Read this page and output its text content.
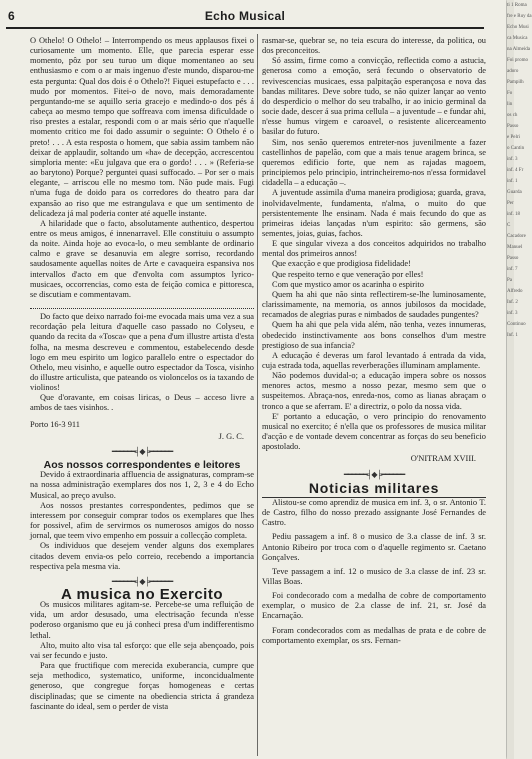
6	Echo Musical

O Othelo! O Othelo! – Interrompendo os meus applausos fixei o curiosamente um momento. Elle, que parecia esperar esse momento, pôz por seu turuo um dique momentaneo ao seu enthusiasmo e com o ar mais ingenuo d'este mundo, disparou-me esta pergunta: Qual dos dois é o Othelo?! Fiquei estupefacto e . . . mudo por momentos. Fitei-o de novo, mais demoradamente perguntando-me se aquillo seria gracejo e medindo-o dos pés á cabeça ao mesmo tempo que soffreava com imensa dificuldade o riso prestes a estalar, respondi com o ar mais sério que n'aquelle momento critico me foi dado assumir o seguinte: O Othelo é o preto! . . . A esta resposta o homem, que sabia assim tambem não deixar de applaudir, soltando um «ha» de decepção, accrescentou simploria mente: «Eu julgava que era o gordo! . . . » (Referia-se ao barytono) Porque? perguntei quasi suffocado. – Por ser o mais elegante, – arriscou elle no mesmo tom. Não pude mais. Fugi n'uma fuga de doido para os corredores do theatro para dar expansão ao riso que me estrangulava e que um sentimento de delicadeza já mal poderia conter até aquelle instante.

A hilaridade que o facto, absolutamente authentico, despertou entre os meus amigos, é innenarravel. Elle constituiu o assumpto da noite. Ainda hoje ao evoca-lo, o meu semblante de ordinario calmo e grave se desanuvia em alegre sorriso, recordando saudosamente aquellas noites de Arte e cavaqueira espansiva nos intervallos d'acto em que d'envolta com assumptos lyrico-musicaes, occorrencias, como esta de feição comica e pittoresca, se discutiam e commentavam.

Do facto que deixo narrado foi-me evocada mais uma vez a sua recordação pela leitura d'aquelle caso passado no Colyseu, e quando da recita da «Tosca» que a pena d'um illustre artista d'esta folha, na mesma descreveu e commentou, estabelecendo desde logo em meu espirito um logico parallelo entre o espectador do Othelo, meu visinho, e aquelle outro espectador da Tosca, visinho do illustre articulista, que pateando os violoncelos os ia taxando de violinos!

Que d'oravante, em coisas liricas, o Deus – acceso livre a ambos de taes visinhos. .

Porto 16-3 911
J. G. C.
━━━━━━╡◆╞━━━━━━

Aos nossos correspondentes e leitores

Devido á extraordinaria affluencia de assignaturas, compram-se na nossa administração exemplares dos nos 1, 2, 3 e 4 do Echo Musical, ao preço avulso.

Aos nossos prestantes correspondentes, pedimos que se interessem por conseguir comprar todos os exemplares que lhes for possivel, afim de servirmos os numerosos amigos do nosso jornal, que teem vivo empenho em possuir a collecção completa.

Os individuos que desejem vender alguns dos exemplares citados devem envia-os pelo correio, recebendo a importancia respectiva pela mesma via.

━━━━━━╡◆╞━━━━━━

A musica no Exercito

Os musicos militares agitam-se. Percebe-se uma refluição de vida, um ardor desusado, uma electrisação fecunda n'esse poderoso organismo que eu já conheci presa d'um indifferentismo lethal.

Alto, muito alto visa tal esforço: que elle seja abençoado, pois vai ser fecundo e justo.

Para que fructifique com merecida exuberancia, cumpre que seja methodico, systematico, uniforme, inconcidualmente generoso, que congregue forças homogeneas e certas disciplinadas; que se cimente na obediencia stricta á grandeza fascinante do ideal, sem o perder de vista

rasmar-se, quebrar se, no teia escura do interesse, da politica, ou dos preconceitos.

Só assim, firme como a convicção, reflectida como a astucia, generosa como a emoção, será fecundo o observatorio de revivescencias musicaes, essa palpitação esperançosa e nova das bandas militares. Deve sobre tudo, se não quizer lançar ao vento do desperdicio o melhor do seu trabalho, ir ao inicio germinal da socie dade, descer á sua prima cellula – a juventude – e fundar ahi, n'esse humus virgem e caroavel, o resistente alicerceamento basilar do futuro.

Sim, nos senão queremos entreter-nos juvenilmente a fazer castellinhos de papelão, com que a mais tenue aragem brinca, se queremos edificio forte, que nem as rajadas magoem, principiemos pelo principio, intrincheiremo-nos n'essa formidavel cidadella – a educação –.

A juventude assimila d'uma maneira prodigiosa; guarda, grava, inolvidavelmente, fundamenta, n'alma, o muito do que persistentemente lhe ensinam. Nada é mais fecundo do que as primeiras ideias lançadas n'um espirito: são germens, são sementes, joias, guias, fachos.

E que singular viveza a dos conceitos adquiridos no trabalho mental dos primeiros annos!

Que exacção e que prodigiosa fidelidade!

Que respeito terno e que veneração por elles!

Com que mystico amor os acarinha o espirito

Quem ha ahi que não sinta reflectirem-se-lhe luminosamente, clarissimamente, na memoria, os annos jubilosos da mocidade, recamados de alegrias puras e nimbados de saudades pungentes?

Quem ha ahi que pela vida além, não tenha, vezes innumeras, obedecido instinctivamente aos bons conselhos d'um mestre prestigioso de sua infancia?

A educação é deveras um farol levantado á entrada da vida, cuja estrada toda, aquellas reverberações illuminam amplamente.

Não podemos duvidal-o; a educação impera sobre os nossos menores actos, mesmo a nosso pezar, mesmo sem que o suspeitemos. Abraça-nos, enreda-nos, como as lianas abraçam o tronco a que se aferram. E' a directriz, o polo da nossa vida.

E' portanto a educação, o vero principio do renovamento musical no exercito; é n'ella que os professores de musica militar d'acção e de vontade devem concentrar as forças do seu beneficio apostolado.

O'NITRAM XVIII.
━━━━━━╡◆╞━━━━━━

Noticias militares

Alistou-se como aprendiz de musica em inf. 3, o sr. Antonio T. de Castro, filho do nosso prezado assignante José Fernandes de Castro.

Pediu passagem a inf. 8 o musico de 3.a classe de inf. 3 sr. Antonio Ribeiro por troca com o d'aquelle regimento sr. Caetano Gonçalves.

Teve passagem a inf. 12 o musico de 3.a classe de inf. 23 sr. Villas Boas.

Foi condecorado com a medalha de cobre de comportamento exemplar, o musico de 2.a classe de inf. 21, sr. José da Encarnação.

Foram condecorados com as medalhas de prata e de cobre de comportamento exemplar, os srs. Fernan-

ti 1 Roma
fre e Ruy da
Echo Musi
ca Musica
na Almeida
Foi promo
adoro
Pampilh
Fo
lin
os ch
Passo
e Pelri
o Cantin
inf. 3
inf. 4 Fr
inf. 1
Guarda
Per
inf. 18
C
Cacadore
Manuel
Passo
inf. 7
Pa
Alfredo
Inf. 2
inf. 3
Continuo
Inf. 1
